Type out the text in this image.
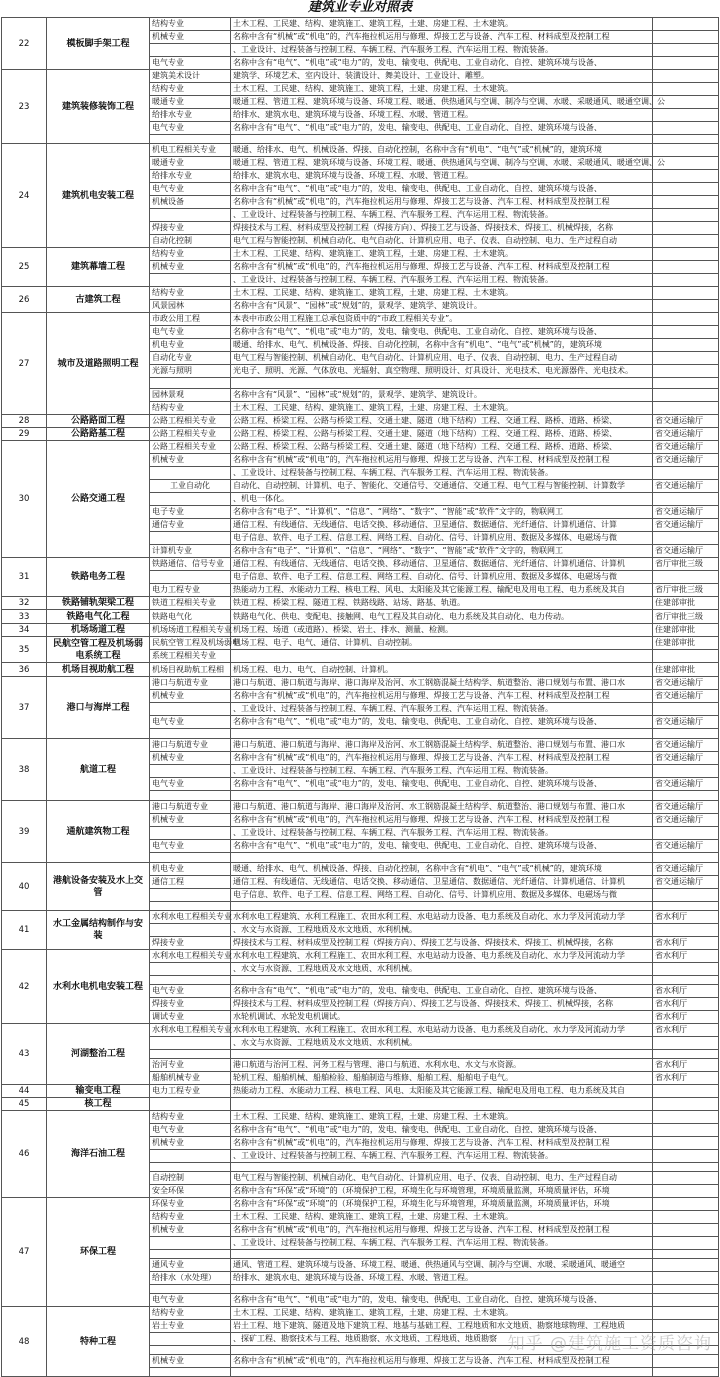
建筑业专业对照表
22	模板脚手架工程	结构专业	土木工程、工民建、结构、建筑施工、建筑工程，土建、房建工程、土木建筑。	
		机械专业	名称中含有“机械”或“机电”的，汽车拖拉机运用与修理、焊接工艺与设备、汽车工程、材料成型及控制工程	
			、工业设计、过程装备与控制工程、车辆工程、汽车服务工程、汽车运用工程、物流装备。	
		电气专业	名称中含有“电气”、“机电”或“电力”的，发电、输变电、供配电、工业自动化、自控、建筑环境与设备、	
23	建筑装修装饰工程	建筑美术设计	建筑学、环境艺术、室内设计、装潢设计、舞美设计、工业设计、雕塑。	
		结构专业	土木工程、工民建、结构、建筑施工、建筑工程，土建、房建工程、土木建筑。	
		暖通专业	暖通工程、管道工程、建筑环境与设备、环境工程、暖通、供热通风与空调、制冷与空调、水暖、采暖通风、暖通空调、公	
		给排水专业	给排水、建筑水电、建筑环境与设备、环境工程、水暖、管道工程。	
		电气专业	名称中含有“电气”、“机电”或“电力”的，发电、输变电、供配电、工业自动化、自控、建筑环境与设备、	

24	建筑机电安装工程	机电工程相关专业	暖通、给排水、电气、机械设备、焊接、自动化控制，名称中含有“机电”、“电气”或“机械”的，建筑环境	
		暖通专业	暖通工程、管道工程、建筑环境与设备、环境工程、暖通、供热通风与空调、制冷与空调、水暖、采暖通风、暖通空调、公	
		给排水专业	给排水、建筑水电、建筑环境与设备、环境工程、水暖、管道工程。	
		电气专业	名称中含有“电气”、“机电”或“电力”的，发电、输变电、供配电、工业自动化、自控、建筑环境与设备、	
		机械设备	名称中含有“机械”或“机电”的，汽车拖拉机运用与修理、焊接工艺与设备、汽车工程、材料成型及控制工程	
			、工业设计、过程装备与控制工程、车辆工程、汽车服务工程、汽车运用工程、物流装备。	
		焊接专业	焊接技术与工程、材料成型及控制工程（焊接方向）、焊接工艺与设备、焊接技术、焊接工、机械焊接，名称	
		自动化控制	电气工程与智能控制、机械自动化、电气自动化、计算机应用、电子、仪表、自动控制、电力、生产过程自动	
25	建筑幕墙工程	结构专业	土木工程、工民建、结构、建筑施工、建筑工程，土建、房建工程、土木建筑。	
		机械专业	名称中含有“机械”或“机电”的，汽车拖拉机运用与修理、焊接工艺与设备、汽车工程、材料成型及控制工程	
			、工业设计、过程装备与控制工程、车辆工程、汽车服务工程、汽车运用工程、物流装备。	
26	古建筑工程	结构专业	土木工程、工民建、结构、建筑施工、建筑工程，土建、房建工程、土木建筑。	
		风景园林	名称中含有“风景”、“园林”或“规划”的，景观学、建筑学、建筑设计。	
27	城市及道路照明工程	市政公用工程	本表中市政公用工程施工总承包资质中的“市政工程相关专业”。	
		电气专业	名称中含有“电气”、“机电”或“电力”的，发电、输变电、供配电、工业自动化、自控、建筑环境与设备、	
		机电专业	暖通、给排水、电气、机械设备、焊接、自动化控制，名称中含有“机电”、“电气”或“机械”的，建筑环境	
		自动化专业	电气工程与智能控制、机械自动化、电气自动化、计算机应用、电子、仪表、自动控制、电力、生产过程自动	
		光源与照明	光电子、照明、光源、气体放电、光辐射、真空物理、照明设计、灯具设计、光电技术、电光源器件、光电技术。	

		园林景观	名称中含有“风景”、“园林”或“规划”的，景观学、建筑学、建筑设计。	
		结构专业	土木工程、工民建、结构、建筑施工、建筑工程，土建、房建工程、土木建筑。	
28	公路路面工程	公路工程相关专业	公路工程、桥梁工程、公路与桥梁工程、交通土建、隧道（地下结构）工程、交通工程、路桥、道路、桥梁、	省交通运输厅
29	公路路基工程	公路工程相关专业	公路工程、桥梁工程、公路与桥梁工程、交通土建、隧道（地下结构）工程、交通工程、路桥、道路、桥梁、	省交通运输厅
30	公路交通工程	公路工程相关专业	公路工程、桥梁工程、公路与桥梁工程、交通土建、隧道（地下结构）工程、交通工程、路桥、道路、桥梁、	省交通运输厅
		机械专业	名称中含有“机械”或“机电”的，汽车拖拉机运用与修理、焊接工艺与设备、汽车工程、材料成型及控制工程	省交通运输厅
			、工业设计、过程装备与控制工程、车辆工程、汽车服务工程、汽车运用工程、物流装备。	
		工业自动化	自动化、自动控制、计算机、电子、智能化、交通信号、交通通信、交通工程、电气工程与智能控制、计算数学	省交通运输厅
			、机电一体化。	
		电子专业	名称中含有“电子”、“计算机”、“信息”、“网络”、“数字”、“智能”或“软件”文字的，物联网工	省交通运输厅
		通信专业	通信工程、有线通信、无线通信、电话交换、移动通信、卫星通信、数据通信、光纤通信、计算机通信、计算	省交通运输厅
			电子信息、软件、电子工程、信息工程、网络工程、自动化、信号、计算机应用、数据及多媒体、电磁场与微	
		计算机专业	名称中含有“电子”、“计算机”、“信息”、“网络”、“数字”、“智能”或“软件”文字的，物联网工	省交通运输厅
31	铁路电务工程	铁路通信、信号专业	通信工程、有线通信、无线通信、电话交换、移动通信、卫星通信、数据通信、光纤通信、计算机通信、计算机	省厅审批三级
			电子信息、软件、电子工程、信息工程、网络工程、自动化、信号、计算机应用、数据及多媒体、电磁场与微	
		电力工程专业	热能动力工程、水能动力工程、核电工程、风电、太阳能及其它能源工程、输配电及用电工程、电力系统及其自	省厅审批三级
32	铁路铺轨架梁工程	铁道工程相关专业	铁道工程、桥梁工程、隧道工程、铁路线路、站场、路基、轨道。	住建部审批
33	铁路电气化工程	铁路电气化	铁路电气化、供电、变配电、接触网、电气工程及其自动化、电力系统及其自动化、电力传动。	省厅审批三级
34	机场场道工程	机场场道工程相关专业	机场工程、场道（或道路）、桥梁、岩土、排水、测量、检测。	住建部审批
35	民航空管工程及机场弱电系统工程	民航空管工程及机场弱电	机场工程、电子、电气、通信、计算机、自动控制。	住建部审批
		系统工程相关专业		
36	机场目视助航工程	机场目视助航工程相	机场工程、电力、电气、自动控制、计算机。	住建部审批
37	港口与海岸工程	港口与航道专业	港口与航道、港口航道与海岸、港口海岸及治河、水工钢筋混凝土结构学、航道整治、港口规划与布置、港口水	省交通运输厅
		机械专业	名称中含有“机械”或“机电”的，汽车拖拉机运用与修理、焊接工艺与设备、汽车工程、材料成型及控制工程	省交通运输厅
			、工业设计、过程装备与控制工程、车辆工程、汽车服务工程、汽车运用工程、物流装备。	
		电气专业	名称中含有“电气”、“机电”或“电力”的，发电、输变电、供配电、工业自动化、自控、建筑环境与设备、	省交通运输厅

38	航道工程	港口与航道专业	港口与航道、港口航道与海岸、港口海岸及治河、水工钢筋混凝土结构学、航道整治、港口规划与布置、港口水	省交通运输厅
		机械专业	名称中含有“机械”或“机电”的，汽车拖拉机运用与修理、焊接工艺与设备、汽车工程、材料成型及控制工程	省交通运输厅
			、工业设计、过程装备与控制工程、车辆工程、汽车服务工程、汽车运用工程、物流装备。	
		电气专业	名称中含有“电气”、“机电”或“电力”的，发电、输变电、供配电、工业自动化、自控、建筑环境与设备、	省交通运输厅

39	通航建筑物工程	港口与航道专业	港口与航道、港口航道与海岸、港口海岸及治河、水工钢筋混凝土结构学、航道整治、港口规划与布置、港口水	省交通运输厅
		机械专业	名称中含有“机械”或“机电”的，汽车拖拉机运用与修理、焊接工艺与设备、汽车工程、材料成型及控制工程	省交通运输厅
			、工业设计、过程装备与控制工程、车辆工程、汽车服务工程、汽车运用工程、物流装备。	
		电气专业	名称中含有“电气”、“机电”或“电力”的，发电、输变电、供配电、工业自动化、自控、建筑环境与设备、	省交通运输厅

40	港航设备安装及水上交管	机电专业	暖通、给排水、电气、机械设备、焊接、自动化控制，名称中含有“机电”、“电气”或“机械”的，建筑环境	省交通运输厅
		通信工程	通信工程、有线通信、无线通信、电话交换、移动通信、卫星通信、数据通信、光纤通信、计算机通信、计算机	省交通运输厅
			电子信息、软件、电子工程、信息工程、网络工程、自动化、信号、计算机应用、数据及多媒体、电磁场与微	

41	水工金属结构制作与安装	水利水电工程相关专业	水利水电工程建筑、水利工程施工、农田水利工程、水电站动力设备、电力系统及自动化、水力学及河流动力学	省水利厅
			、水文与水资源、工程地质及水文地质、水利机械。	
		焊接专业	焊接技术与工程、材料成型及控制工程（焊接方向）、焊接工艺与设备、焊接技术、焊接工、机械焊接，名称	省水利厅
42	水利水电机电安装工程	水利水电工程相关专业	水利水电工程建筑、水利工程施工、农田水利工程、水电站动力设备、电力系统及自动化、水力学及河流动力学	省水利厅
			、水文与水资源、工程地质及水文地质、水利机械。	

		电气专业	名称中含有“电气”、“机电”或“电力”的，发电、输变电、供配电、工业自动化、自控、建筑环境与设备、	省水利厅
		焊接专业	焊接技术与工程、材料成型及控制工程（焊接方向）、焊接工艺与设备、焊接技术、焊接工、机械焊接，名称	省水利厅
		调试专业	水轮机调试、水轮发电机调试。	省水利厅
43	河湖整治工程	水利水电工程相关专业	水利水电工程建筑、水利工程施工、农田水利工程、水电站动力设备、电力系统及自动化、水力学及河流动力学	省水利厅
			、水文与水资源、工程地质及水文地质、水利机械。	

		治河专业	港口航道与治河工程、河务工程与管理、港口与航道、水利水电、水文与水资源。	省水利厅
		船舶机械专业	轮机工程、船舶机械、船舶检验、船舶制造与维修、船舶工程、船舶电子电气。	省水利厅
44	输变电工程	电力工程专业	热能动力工程、水能动力工程、核电工程、风电、太阳能及其它能源工程、输配电及用电工程、电力系统及其自	
45	核工程			
46	海洋石油工程	结构专业	土木工程、工民建、结构、建筑施工、建筑工程，土建、房建工程、土木建筑。	
		电气专业	名称中含有“电气”、“机电”或“电力”的，发电、输变电、供配电、工业自动化、自控、建筑环境与设备、	
		机械专业	名称中含有“机械”或“机电”的，汽车拖拉机运用与修理、焊接工艺与设备、汽车工程、材料成型及控制工程	
			、工业设计、过程装备与控制工程、车辆工程、汽车服务工程、汽车运用工程、物流装备。	

		自动控制	电气工程与智能控制、机械自动化、电气自动化、计算机应用、电子、仪表、自动控制、电力、生产过程自动	
		安全环保	名称中含有“环保”或“环境”的（环境保护工程，环境生化与环境管理，环境质量监测，环境质量评估，环境	
47	环保工程	环保专业	名称中含有“环保”或“环境”的（环境保护工程，环境生化与环境管理，环境质量监测，环境质量评估，环境	
		结构专业	土木工程、工民建、结构、建筑施工、建筑工程，土建、房建工程、土木建筑。	
		机械专业	名称中含有“机械”或“机电”的，汽车拖拉机运用与修理、焊接工艺与设备、汽车工程、材料成型及控制工程	
			、工业设计、过程装备与控制工程、车辆工程、汽车服务工程、汽车运用工程、物流装备。	

		通风专业	通风、管道工程、建筑环境与设备、环境工程、暖通、供热通风与空调、制冷与空调、水暖、采暖通风、暖通空	
		给排水（水处理）	给排水、建筑水电、建筑环境与设备、环境工程、水暖、管道工程。	

		电气专业	名称中含有“电气”、“机电”或“电力”的，发电、输变电、供配电、工业自动化、自控、建筑环境与设备、	
48	特种工程	结构专业	土木工程、工民建、结构、建筑施工、建筑工程，土建、房建工程、土木建筑。	
		岩土专业	岩土工程、地下建筑、隧道及地下建筑工程、地基与基础工程、工程地质和水文地质、勘察地球物理、工程地质	
			、探矿工程、勘察技术与工程、地质勘察、水文地质、工程地质、地质勘察	

		机械专业	名称中含有“机械”或“机电”的，汽车拖拉机运用与修理、焊接工艺与设备、汽车工程、材料成型及控制工程	

知乎 @建筑施工资质咨询
